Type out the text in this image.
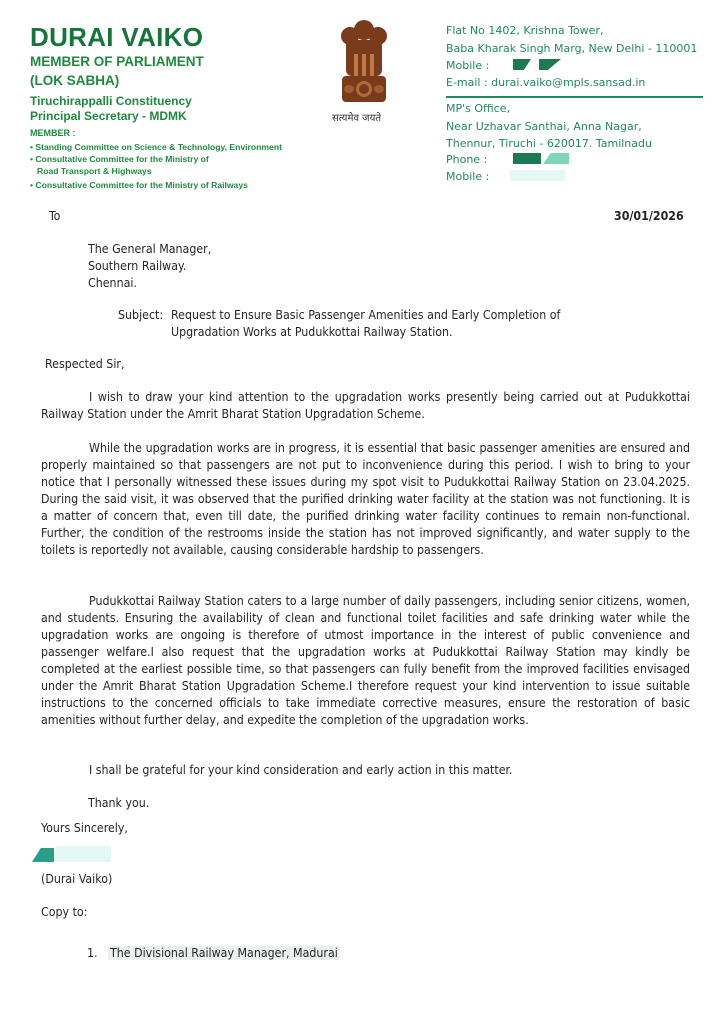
DURAI VAIKO
MEMBER OF PARLIAMENT
(LOK SABHA)
Tiruchirappalli Constituency
Principal Secretary - MDMK
MEMBER :
• Standing Committee on Science & Technology, Environment
• Consultative Committee for the Ministry of
Road Transport & Highways
• Consultative Committee for the Ministry of Railways
सत्यमेव जयते
Flat No 1402, Krishna Tower,
Baba Kharak Singh Marg, New Delhi - 110001
Mobile :
E-mail : durai.vaiko@mpls.sansad.in
MP's Office,
Near Uzhavar Santhai, Anna Nagar,
Thennur, Tiruchi - 620017. Tamilnadu
Phone :
Mobile :
To	30/01/2026
The General Manager,
Southern Railway.
Chennai.
Subject: Request to Ensure Basic Passenger Amenities and Early Completion of
Upgradation Works at Pudukkottai Railway Station.
Respected Sir,
I wish to draw your kind attention to the upgradation works presently being carried out at Pudukkottai Railway Station under the Amrit Bharat Station Upgradation Scheme.
While the upgradation works are in progress, it is essential that basic passenger amenities are ensured and properly maintained so that passengers are not put to inconvenience during this period. I wish to bring to your notice that I personally witnessed these issues during my spot visit to Pudukkottai Railway Station on 23.04.2025. During the said visit, it was observed that the purified drinking water facility at the station was not functioning. It is a matter of concern that, even till date, the purified drinking water facility continues to remain non-functional. Further, the condition of the restrooms inside the station has not improved significantly, and water supply to the toilets is reportedly not available, causing considerable hardship to passengers.
Pudukkottai Railway Station caters to a large number of daily passengers, including senior citizens, women, and students. Ensuring the availability of clean and functional toilet facilities and safe drinking water while the upgradation works are ongoing is therefore of utmost importance in the interest of public convenience and passenger welfare.I also request that the upgradation works at Pudukkottai Railway Station may kindly be completed at the earliest possible time, so that passengers can fully benefit from the improved facilities envisaged under the Amrit Bharat Station Upgradation Scheme.I therefore request your kind intervention to issue suitable instructions to the concerned officials to take immediate corrective measures, ensure the restoration of basic amenities without further delay, and expedite the completion of the upgradation works.
I shall be grateful for your kind consideration and early action in this matter.
Thank you.
Yours Sincerely,
(Durai Vaiko)
Copy to:
1. The Divisional Railway Manager, Madurai
